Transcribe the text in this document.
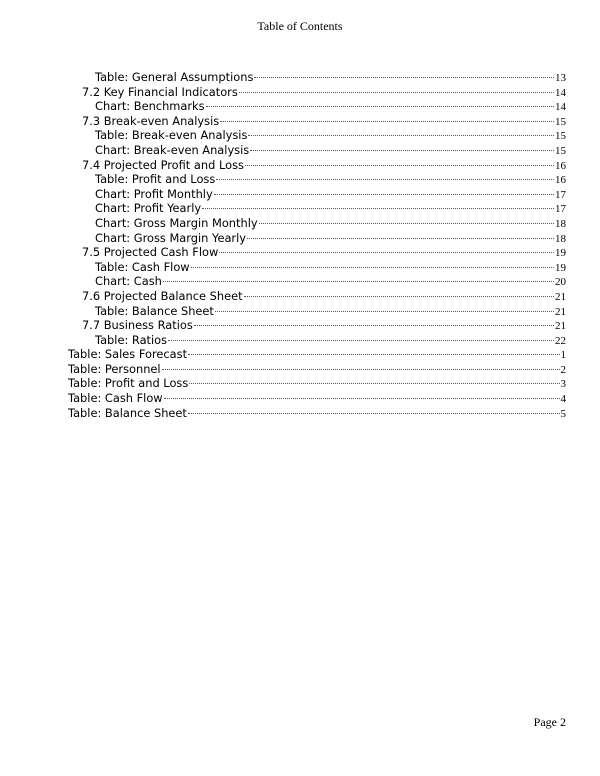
Table of Contents
Table: General Assumptions	13
7.2 Key Financial Indicators	14
Chart: Benchmarks	14
7.3 Break-even Analysis	15
Table: Break-even Analysis	15
Chart: Break-even Analysis	15
7.4 Projected Profit and Loss	16
Table: Profit and Loss	16
Chart: Profit Monthly	17
Chart: Profit Yearly	17
Chart: Gross Margin Monthly	18
Chart: Gross Margin Yearly	18
7.5 Projected Cash Flow	19
Table: Cash Flow	19
Chart: Cash	20
7.6 Projected Balance Sheet	21
Table: Balance Sheet	21
7.7 Business Ratios	21
Table: Ratios	22
Table: Sales Forecast	1
Table: Personnel	2
Table: Profit and Loss	3
Table: Cash Flow	4
Table: Balance Sheet	5
Page 2
